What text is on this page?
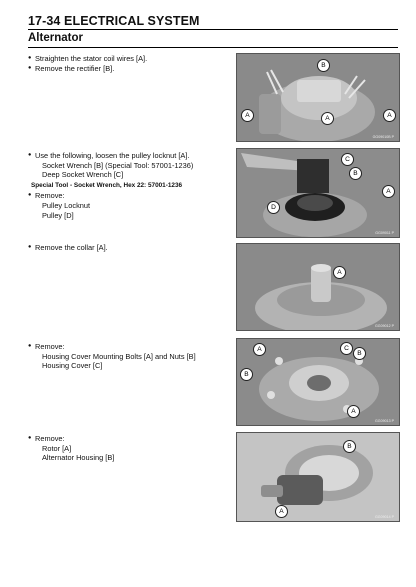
17-34 ELECTRICAL SYSTEM
Alternator
● Straighten the stator coil wires [A].
● Remove the rectifier [B].
● Use the following, loosen the pulley locknut [A].
Socket Wrench [B] (Special Tool: 57001-1236)
Deep Socket Wrench [C]
Special Tool - Socket Wrench, Hex 22: 57001-1236
● Remove:
Pulley Locknut
Pulley [D]
● Remove the collar [A].
● Remove:
Housing Cover Mounting Bolts [A] and Nuts [B]
Housing Cover [C]
● Remove:
Rotor [A]
Alternator Housing [B]
B
A	A	A
GG09010B P
C
B
A
D
GG09011 P
A
GG09012 P
A	C
B
B
A
GG09013 P
B
A
GG09014 P
